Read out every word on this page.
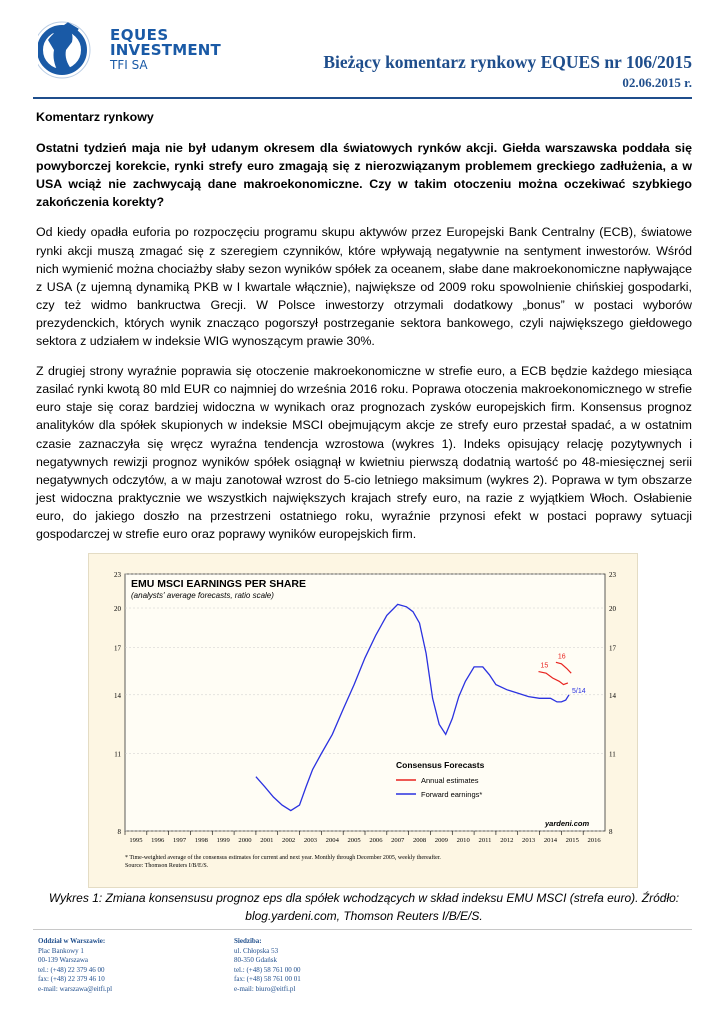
EQUES
INVESTMENT
TFI SA	Bieżący komentarz rynkowy EQUES nr 106/2015
02.06.2015 r.

Komentarz rynkowy

Ostatni tydzień maja nie był udanym okresem dla światowych rynków akcji. Giełda warszawska poddała się powyborczej korekcie, rynki strefy euro zmagają się z nierozwiązanym problemem greckiego zadłużenia, a w USA wciąż nie zachwycają dane makroekonomiczne. Czy w takim otoczeniu można oczekiwać szybkiego zakończenia korekty?

Od kiedy opadła euforia po rozpoczęciu programu skupu aktywów przez Europejski Bank Centralny (ECB), światowe rynki akcji muszą zmagać się z szeregiem czynników, które wpływają negatywnie na sentyment inwestorów. Wśród nich wymienić można chociażby słaby sezon wyników spółek za oceanem, słabe dane makroekonomiczne napływające z USA (z ujemną dynamiką PKB w I kwartale włącznie), największe od 2009 roku spowolnienie chińskiej gospodarki, czy też widmo bankructwa Grecji. W Polsce inwestorzy otrzymali dodatkowy „bonus” w postaci wyborów prezydenckich, których wynik znacząco pogorszył postrzeganie sektora bankowego, czyli największego giełdowego sektora z udziałem w indeksie WIG wynoszącym prawie 30%.

Z drugiej strony wyraźnie poprawia się otoczenie makroekonomiczne w strefie euro, a ECB będzie każdego miesiąca zasilać rynki kwotą 80 mld EUR co najmniej do września 2016 roku. Poprawa otoczenia makroekonomicznego w strefie euro staje się coraz bardziej widoczna w wynikach oraz prognozach zysków europejskich firm. Konsensus prognoz analityków dla spółek skupionych w indeksie MSCI obejmującym akcje ze strefy euro przestał spadać, a w ostatnim czasie zaznaczyła się wręcz wyraźna tendencja wzrostowa (wykres 1). Indeks opisujący relację pozytywnych i negatywnych rewizji prognoz wyników spółek osiągnął w kwietniu pierwszą dodatnią wartość po 48-miesięcznej serii negatywnych odczytów, a w maju zanotował wzrost do 5-cio letniego maksimum (wykres 2). Poprawa w tym obszarze jest widoczna praktycznie we wszystkich największych krajach strefy euro, na razie z wyjątkiem Włoch. Osłabienie euro, do jakiego doszło na przestrzeni ostatniego roku, wyraźnie przynosi efekt w postaci poprawy sytuacji gospodarczej w strefie euro oraz poprawy wyników europejskich firm.

8	8
11	11
14	14
17	17
20	20
23	23
1995 1996 1997 1998 1999 2000 2001 2002 2003 2004 2005 2006 2007 2008 2009 2010 2011 2012 2013 2014 2015 2016
15
16
5/14
EMU MSCI EARNINGS PER SHARE
(analysts' average forecasts, ratio scale)
Consensus Forecasts
Annual estimates
Forward earnings*
yardeni.com
* Time-weighted average of the consensus estimates for current and next year. Monthly through December 2005, weekly thereafter.
Source: Thomson Reuters I/B/E/S.
Wykres 1: Zmiana konsensusu prognoz eps dla spółek wchodzących w skład indeksu EMU MSCI (strefa euro). Źródło: blog.yardeni.com, Thomson Reuters I/B/E/S.
Oddział w Warszawie:
Plac Bankowy 1
00-139 Warszawa
tel.: (+48) 22 379 46 00
fax: (+48) 22 379 46 10
e-mail: warszawa@eitfi.pl
Siedziba:
ul. Chłopska 53
80-350 Gdańsk
tel.: (+48) 58 761 00 00
fax: (+48) 58 761 00 01
e-mail: biuro@eitfi.pl
